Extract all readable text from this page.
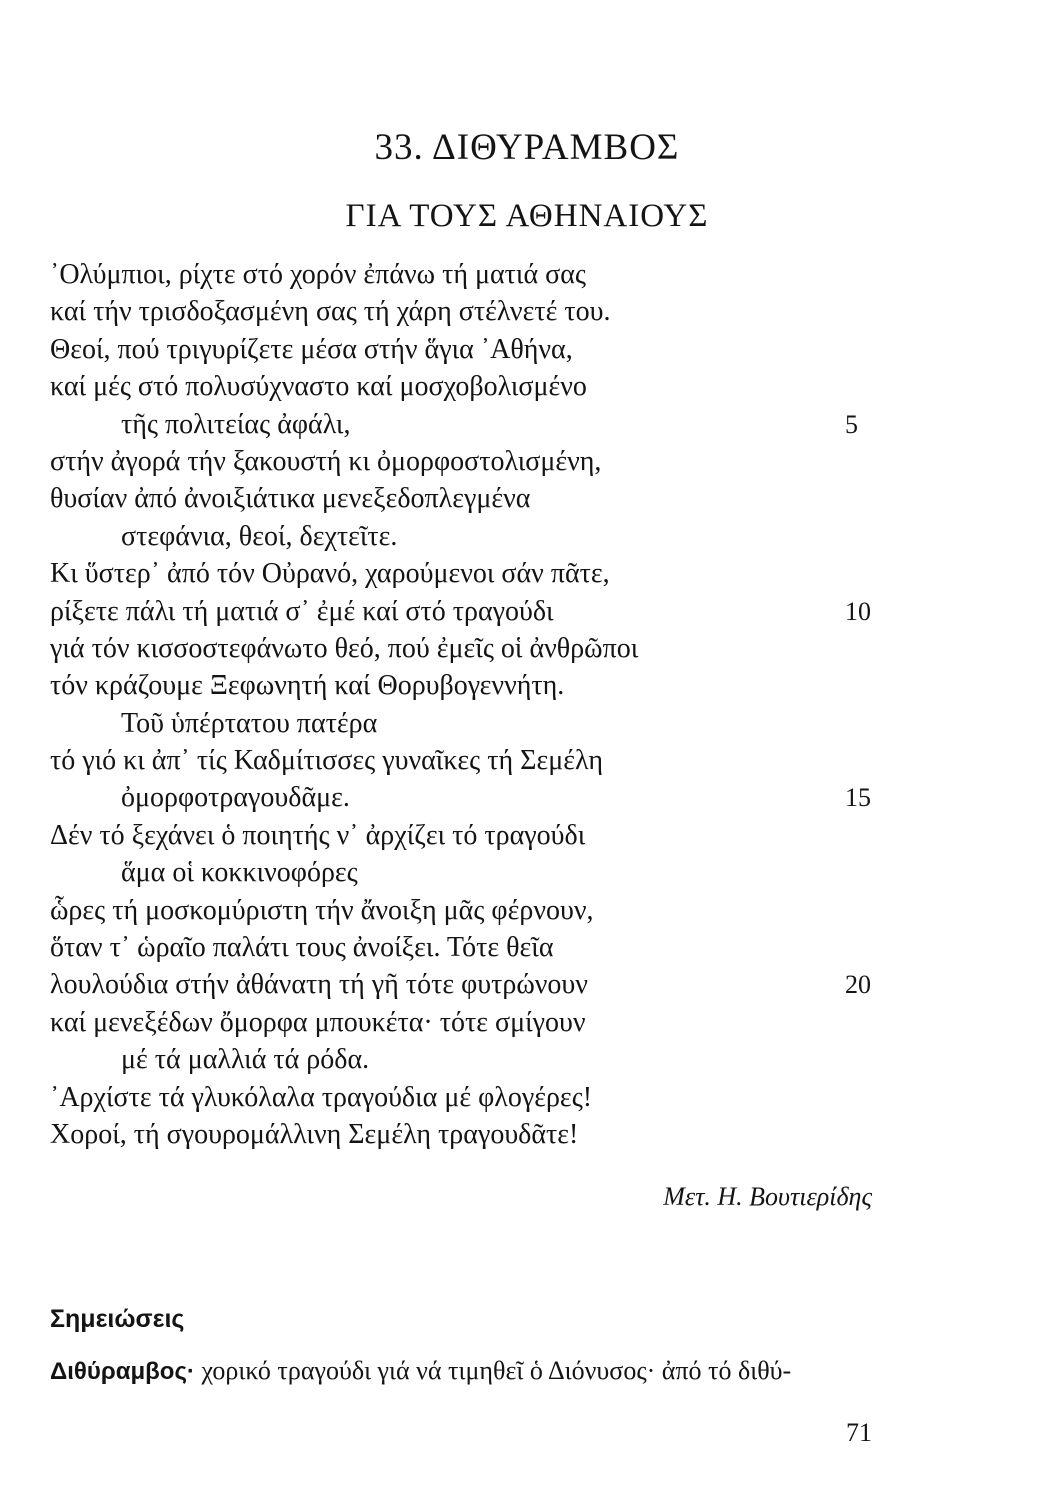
33. ΔΙΘΥΡΑΜΒΟΣ
ΓΙΑ ΤΟΥΣ ΑΘΗΝΑΙΟΥΣ
᾿Ολύμπιοι, ρίχτε στό χορόν ἐπάνω τή ματιά σας
καί τήν τρισδοξασμένη σας τή χάρη στέλνετέ του.
Θεοί, πού τριγυρίζετε μέσα στήν ἅγια ᾿Αθήνα,
καί μές στό πολυσύχναστο καί μοσχοβολισμένο
τῆς πολιτείας ἀφάλι,	5
στήν ἀγορά τήν ξακουστή κι ὀμορφοστολισμένη,
θυσίαν ἀπό ἀνοιξιάτικα μενεξεδοπλεγμένα
στεφάνια, θεοί, δεχτεῖτε.
Κι ὕστερ᾿ ἀπό τόν Οὐρανό, χαρούμενοι σάν πᾶτε,
ρίξετε πάλι τή ματιά σ᾿ ἐμέ καί στό τραγούδι	10
γιά τόν κισσοστεφάνωτο θεό, πού ἐμεῖς οἱ ἀνθρῶποι
τόν κράζουμε Ξεφωνητή καί Θορυβογεννήτη.
Τοῦ ὑπέρτατου πατέρα
τό γιό κι ἀπ᾿ τίς Καδμίτισσες γυναῖκες τή Σεμέλη
ὀμορφοτραγουδᾶμε.	15
Δέν τό ξεχάνει ὁ ποιητής ν᾿ ἀρχίζει τό τραγούδι
ἅμα οἱ κοκκινοφόρες
ὧρες τή μοσκομύριστη τήν ἄνοιξη μᾶς φέρνουν,
ὅταν τ᾿ ὡραῖο παλάτι τους ἀνοίξει. Τότε θεῖα
λουλούδια στήν ἀθάνατη τή γῆ τότε φυτρώνουν	20
καί μενεξέδων ὄμορφα μπουκέτα· τότε σμίγουν
μέ τά μαλλιά τά ρόδα.
᾿Αρχίστε τά γλυκόλαλα τραγούδια μέ φλογέρες!
Χοροί, τή σγουρομάλλινη Σεμέλη τραγουδᾶτε!
Μετ. Η. Βουτιερίδης
Σημειώσεις
Διθύραμβος· χορικό τραγούδι γιά νά τιμηθεῖ ὁ Διόνυσος· ἀπό τό διθύ-
71
